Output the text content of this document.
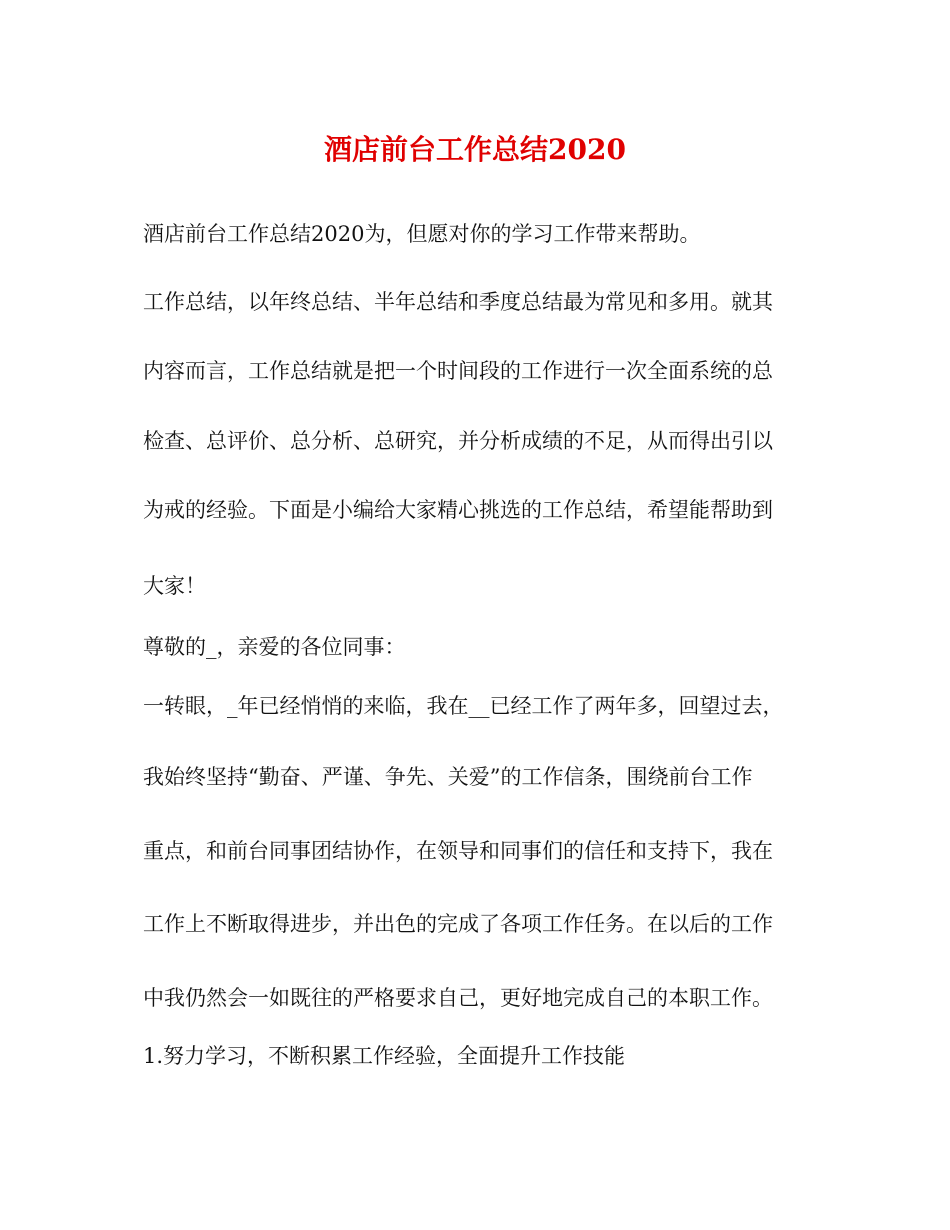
酒店前台工作总结2020
酒店前台工作总结2020为，但愿对你的学习工作带来帮助。
工作总结，以年终总结、半年总结和季度总结最为常见和多用。就其
内容而言，工作总结就是把一个时间段的工作进行一次全面系统的总
检查、总评价、总分析、总研究，并分析成绩的不足，从而得出引以
为戒的经验。下面是小编给大家精心挑选的工作总结，希望能帮助到
大家！
尊敬的_，亲爱的各位同事：
一转眼，_年已经悄悄的来临，我在__已经工作了两年多，回望过去，
我始终坚持“勤奋、严谨、争先、关爱”的工作信条，围绕前台工作
重点，和前台同事团结协作，在领导和同事们的信任和支持下，我在
工作上不断取得进步，并出色的完成了各项工作任务。在以后的工作
中我仍然会一如既往的严格要求自己，更好地完成自己的本职工作。
1.努力学习，不断积累工作经验，全面提升工作技能
